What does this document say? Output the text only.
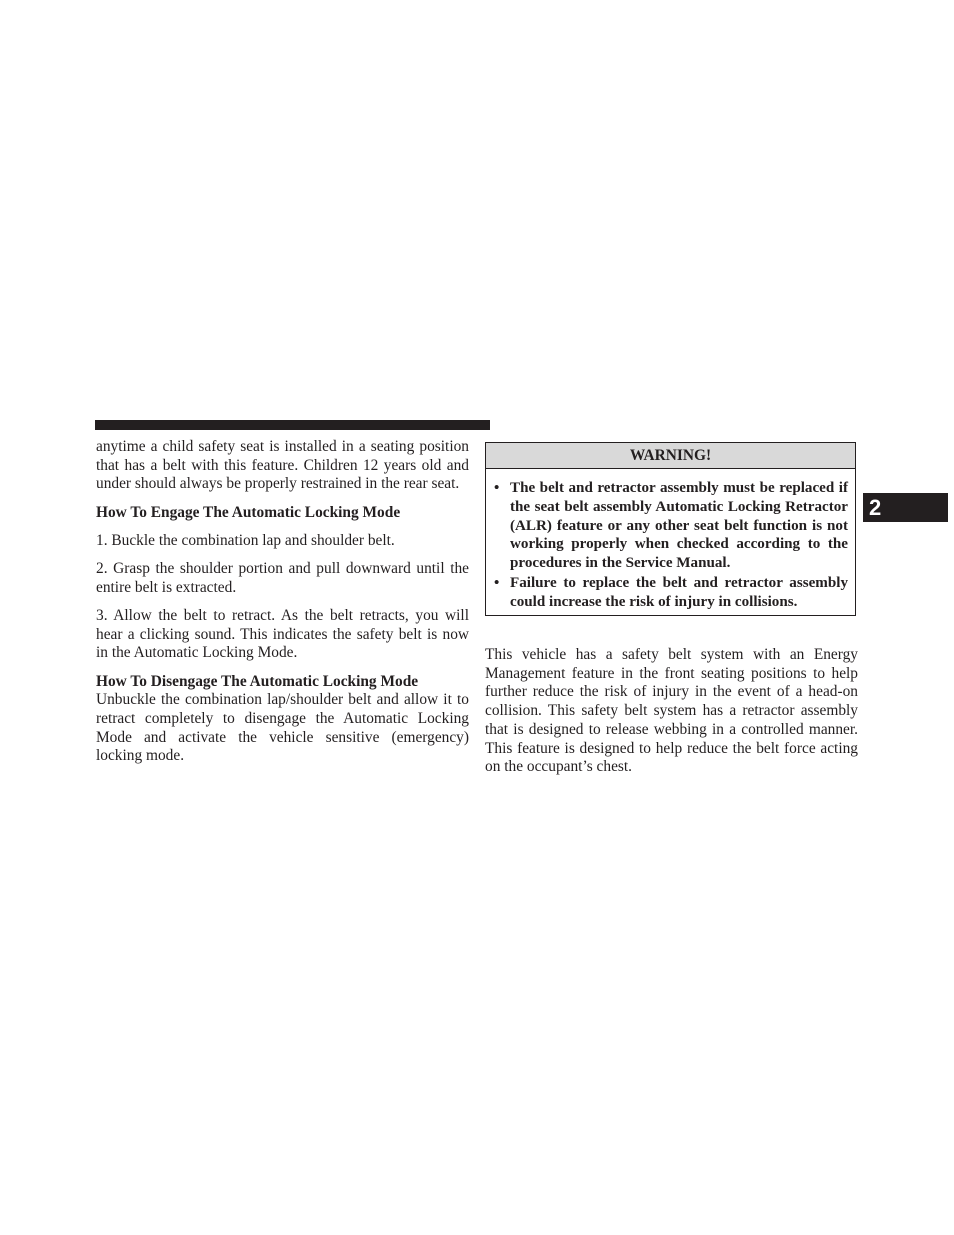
anytime a child safety seat is installed in a seating position that has a belt with this feature. Children 12 years old and under should always be properly restrained in the rear seat.

How To Engage The Automatic Locking Mode

1. Buckle the combination lap and shoulder belt.

2. Grasp the shoulder portion and pull downward until the entire belt is extracted.

3. Allow the belt to retract. As the belt retracts, you will hear a clicking sound. This indicates the safety belt is now in the Automatic Locking Mode.

How To Disengage The Automatic Locking Mode

Unbuckle the combination lap/shoulder belt and allow it to retract completely to disengage the Automatic Locking Mode and activate the vehicle sensitive (emergency) locking mode.

WARNING!
• The belt and retractor assembly must be replaced if the seat belt assembly Automatic Locking Retractor (ALR) feature or any other seat belt function is not working properly when checked according to the procedures in the Service Manual.
• Failure to replace the belt and retractor assembly could increase the risk of injury in collisions.

This vehicle has a safety belt system with an Energy Management feature in the front seating positions to help further reduce the risk of injury in the event of a head-on collision. This safety belt system has a retractor assembly that is designed to release webbing in a controlled manner. This feature is designed to help reduce the belt force acting on the occupant’s chest.

2
